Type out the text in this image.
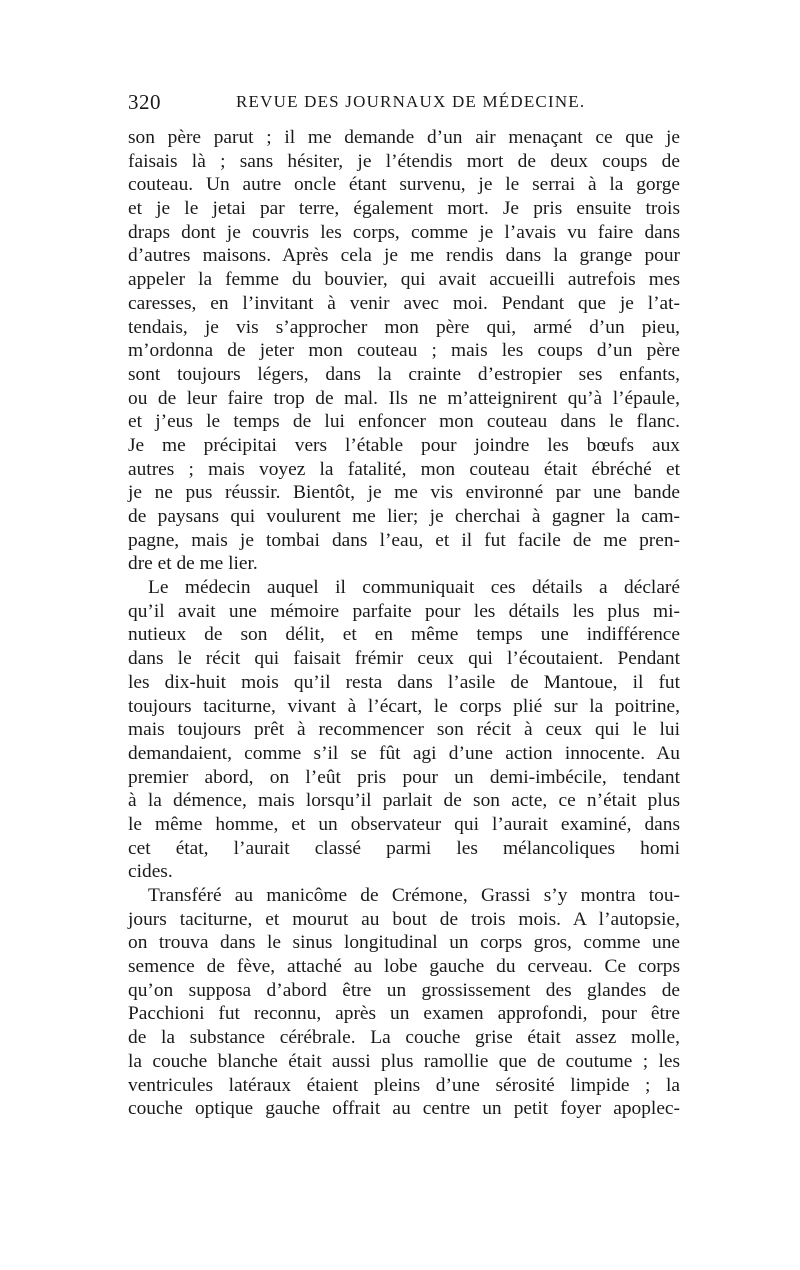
320	REVUE DES JOURNAUX DE MÉDECINE.
son père parut ; il me demande d’un air menaçant ce que je
faisais là ; sans hésiter, je l’étendis mort de deux coups de
couteau. Un autre oncle étant survenu, je le serrai à la gorge
et je le jetai par terre, également mort. Je pris ensuite trois
draps dont je couvris les corps, comme je l’avais vu faire dans
d’autres maisons. Après cela je me rendis dans la grange pour
appeler la femme du bouvier, qui avait accueilli autrefois mes
caresses, en l’invitant à venir avec moi. Pendant que je l’at-
tendais, je vis s’approcher mon père qui, armé d’un pieu,
m’ordonna de jeter mon couteau ; mais les coups d’un père
sont toujours légers, dans la crainte d’estropier ses enfants,
ou de leur faire trop de mal. Ils ne m’atteignirent qu’à l’épaule,
et j’eus le temps de lui enfoncer mon couteau dans le flanc.
Je me précipitai vers l’étable pour joindre les bœufs aux
autres ; mais voyez la fatalité, mon couteau était ébréché et
je ne pus réussir. Bientôt, je me vis environné par une bande
de paysans qui voulurent me lier; je cherchai à gagner la cam-
pagne, mais je tombai dans l’eau, et il fut facile de me pren-
dre et de me lier.
Le médecin auquel il communiquait ces détails a déclaré
qu’il avait une mémoire parfaite pour les détails les plus mi-
nutieux de son délit, et en même temps une indifférence
dans le récit qui faisait frémir ceux qui l’écoutaient. Pendant
les dix-huit mois qu’il resta dans l’asile de Mantoue, il fut
toujours taciturne, vivant à l’écart, le corps plié sur la poitrine,
mais toujours prêt à recommencer son récit à ceux qui le lui
demandaient, comme s’il se fût agi d’une action innocente. Au
premier abord, on l’eût pris pour un demi-imbécile, tendant
à la démence, mais lorsqu’il parlait de son acte, ce n’était plus
le même homme, et un observateur qui l’aurait examiné, dans
cet état, l’aurait classé parmi les mélancoliques homi
cides.
Transféré au manicôme de Crémone, Grassi s’y montra tou-
jours taciturne, et mourut au bout de trois mois. A l’autopsie,
on trouva dans le sinus longitudinal un corps gros, comme une
semence de fève, attaché au lobe gauche du cerveau. Ce corps
qu’on supposa d’abord être un grossissement des glandes de
Pacchioni fut reconnu, après un examen approfondi, pour être
de la substance cérébrale. La couche grise était assez molle,
la couche blanche était aussi plus ramollie que de coutume ; les
ventricules latéraux étaient pleins d’une sérosité limpide ; la
couche optique gauche offrait au centre un petit foyer apoplec-
